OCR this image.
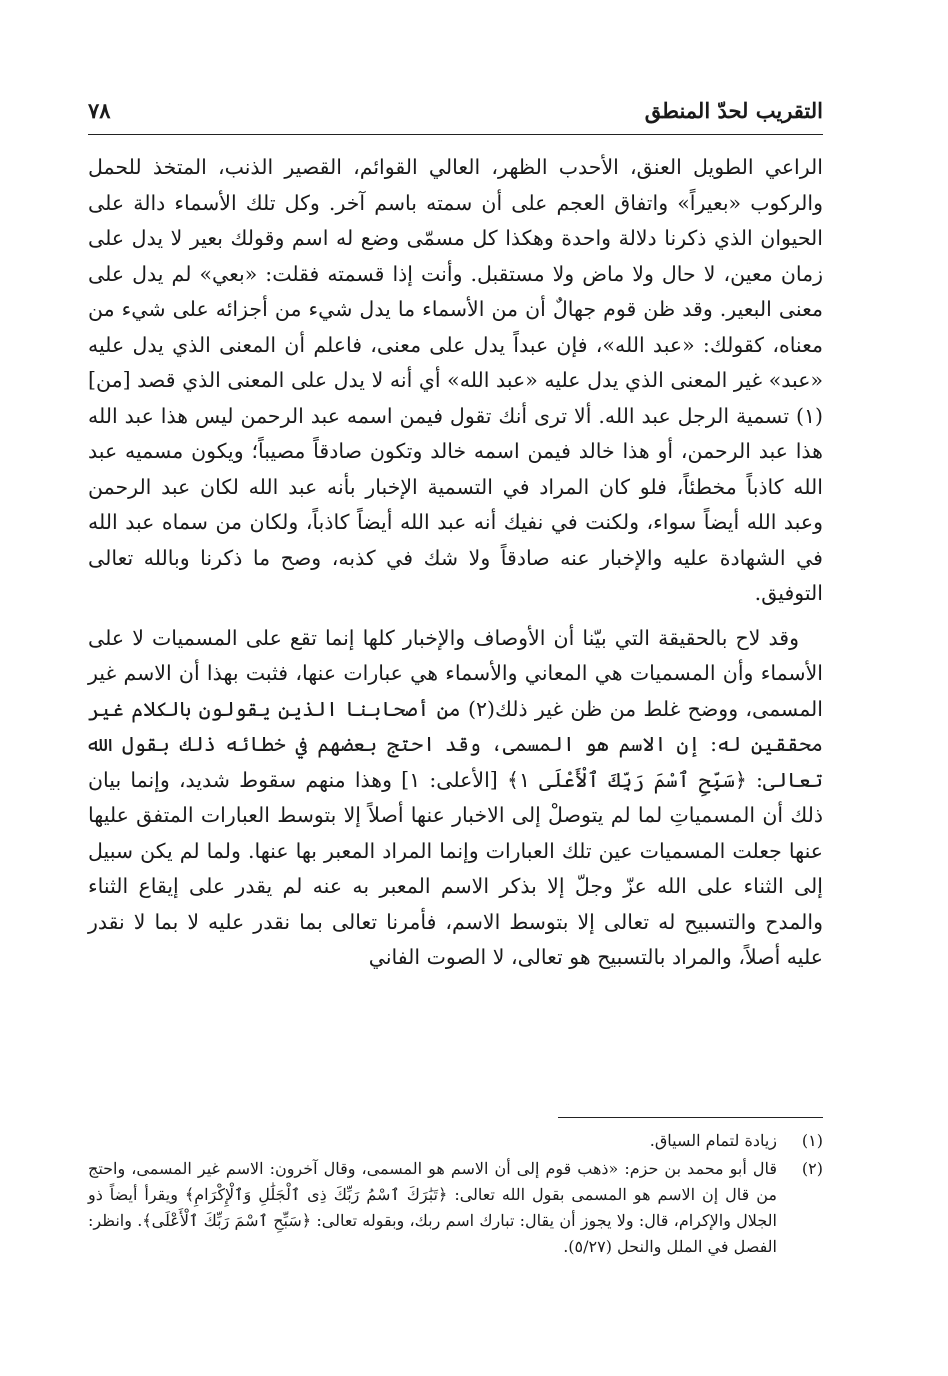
التقريب لحدّ المنطق
٧٨

الراعي الطويل العنق، الأحدب الظهر، العالي القوائم، القصير الذنب، المتخذ للحمل والركوب «بعيراً» واتفاق العجم على أن سمته باسم آخر. وكل تلك الأسماء دالة على الحيوان الذي ذكرنا دلالة واحدة وهكذا كل مسمّى وضع له اسم وقولك بعير لا يدل على زمان معين، لا حال ولا ماض ولا مستقبل. وأنت إذا قسمته فقلت: «بعي» لم يدل على معنى البعير. وقد ظن قوم جهالٌ أن من الأسماء ما يدل شيء من أجزائه على شيء من معناه، كقولك: «عبد الله»، فإن عبداً يدل على معنى، فاعلم أن المعنى الذي يدل عليه «عبد» غير المعنى الذي يدل عليه «عبد الله» أي أنه لا يدل على المعنى الذي قصد [من](١) تسمية الرجل عبد الله. ألا ترى أنك تقول فيمن اسمه عبد الرحمن ليس هذا عبد الله هذا عبد الرحمن، أو هذا خالد فيمن اسمه خالد وتكون صادقاً مصيباً؛ ويكون مسميه عبد الله كاذباً مخطئاً، فلو كان المراد في التسمية الإخبار بأنه عبد الله لكان عبد الرحمن وعبد الله أيضاً سواء، ولكنت في نفيك أنه عبد الله أيضاً كاذباً، ولكان من سماه عبد الله في الشهادة عليه والإخبار عنه صادقاً ولا شك في كذبه، وصح ما ذكرنا وبالله تعالى التوفيق.

وقد لاح بالحقيقة التي بيّنا أن الأوصاف والإخبار كلها إنما تقع على المسميات لا على الأسماء وأن المسميات هي المعاني والأسماء هي عبارات عنها، فثبت بهذا أن الاسم غير المسمى، ووضح غلط من ظن غير ذلك(٢) من أصحابنا الذين يقولون بالكلام غير محققين له: إن الاسم هو المسمى، وقد احتج بعضهم في خطائه ذلك بقول الله تعالى: ﴿سَبِّحِ ٱسْمَ رَبِّكَ ٱلْأَعْلَى ١﴾ [الأعلى: ١] وهذا منهم سقوط شديد، وإنما بيان ذلك أن المسمياتِ لما لم يتوصلْ إلى الاخبار عنها أصلاً إلا بتوسط العبارات المتفق عليها عنها جعلت المسميات عين تلك العبارات وإنما المراد المعبر بها عنها. ولما لم يكن سبيل إلى الثناء على الله عزّ وجلّ إلا بذكر الاسم المعبر به عنه لم يقدر على إيقاع الثناء والمدح والتسبيح له تعالى إلا بتوسط الاسم، فأمرنا تعالى بما نقدر عليه لا بما لا نقدر عليه أصلاً، والمراد بالتسبيح هو تعالى، لا الصوت الفاني

(١)
زيادة لتمام السياق.
(٢)
قال أبو محمد بن حزم: «ذهب قوم إلى أن الاسم هو المسمى، وقال آخرون: الاسم غير المسمى، واحتج من قال إن الاسم هو المسمى بقول الله تعالى: ﴿تَبَٰرَكَ ٱسْمُ رَبِّكَ ذِى ٱلْجَلَٰلِ وَٱلْإِكْرَامِ﴾ ويقرأ أيضاً ذو الجلال والإكرام، قال: ولا يجوز أن يقال: تبارك اسم ربك، وبقوله تعالى: ﴿سَبِّحِ ٱسْمَ رَبِّكَ ٱلْأَعْلَى﴾. وانظر: الفصل في الملل والنحل (٥/٢٧).
